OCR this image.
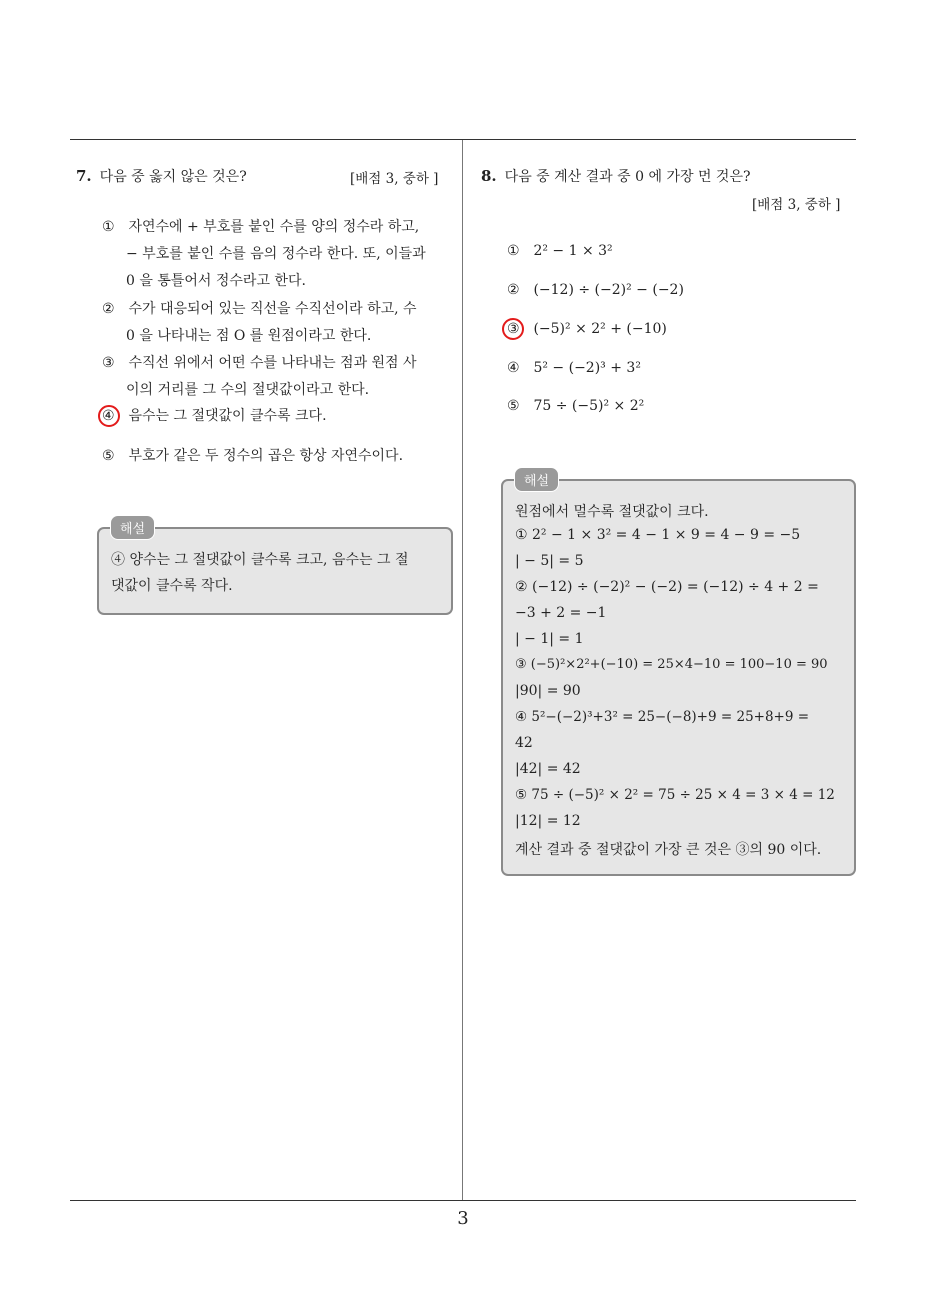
7. 다음 중 옳지 않은 것은?	[배점 3, 중하 ]
① 자연수에 + 부호를 붙인 수를 양의 정수라 하고,
− 부호를 붙인 수를 음의 정수라 한다. 또, 이들과
0 을 통틀어서 정수라고 한다.
② 수가 대응되어 있는 직선을 수직선이라 하고, 수
0 을 나타내는 점 O 를 원점이라고 한다.
③ 수직선 위에서 어떤 수를 나타내는 점과 원점 사
이의 거리를 그 수의 절댓값이라고 한다.
④ 음수는 그 절댓값이 클수록 크다.
⑤ 부호가 같은 두 정수의 곱은 항상 자연수이다.
④ 양수는 그 절댓값이 클수록 크고, 음수는 그 절
댓값이 클수록 작다.
해설
8. 다음 중 계산 결과 중 0 에 가장 먼 것은?
[배점 3, 중하 ]
① 2² − 1 × 3²
② (−12) ÷ (−2)² − (−2)
③ (−5)² × 2² + (−10)
④ 5² − (−2)³ + 3²
⑤ 75 ÷ (−5)² × 2²
원점에서 멀수록 절댓값이 크다.
① 2² − 1 × 3² = 4 − 1 × 9 = 4 − 9 = −5
| − 5| = 5
② (−12) ÷ (−2)² − (−2) = (−12) ÷ 4 + 2 =
−3 + 2 = −1
| − 1| = 1
③ (−5)²×2²+(−10) = 25×4−10 = 100−10 = 90
|90| = 90
④ 5²−(−2)³+3² = 25−(−8)+9 = 25+8+9 =
42
|42| = 42
⑤ 75 ÷ (−5)² × 2² = 75 ÷ 25 × 4 = 3 × 4 = 12
|12| = 12
계산 결과 중 절댓값이 가장 큰 것은 ③의 90 이다.
해설
3
